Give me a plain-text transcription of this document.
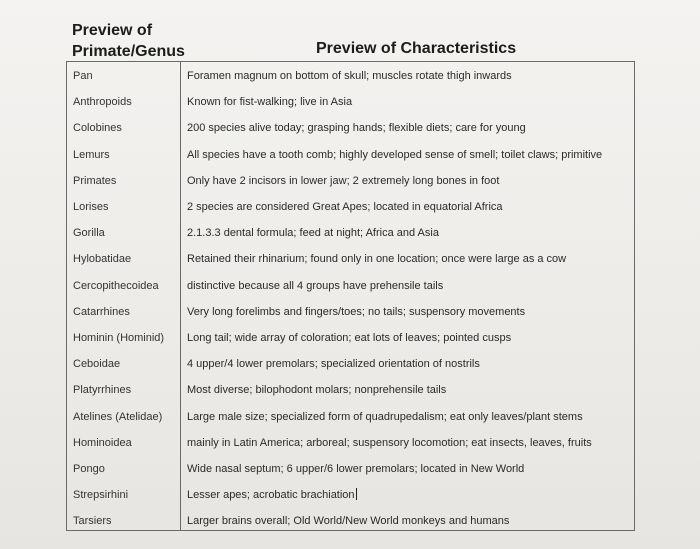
Preview of
Primate/Genus	Preview of Characteristics
Pan	Foramen magnum on bottom of skull; muscles rotate thigh inwards
Anthropoids	Known for fist-walking; live in Asia
Colobines	200 species alive today; grasping hands; flexible diets; care for young
Lemurs	All species have a tooth comb; highly developed sense of smell; toilet claws; primitive
Primates	Only have 2 incisors in lower jaw; 2 extremely long bones in foot
Lorises	2 species are considered Great Apes; located in equatorial Africa
Gorilla	2.1.3.3 dental formula; feed at night; Africa and Asia
Hylobatidae	Retained their rhinarium; found only in one location; once were large as a cow
Cercopithecoidea	distinctive because all 4 groups have prehensile tails
Catarrhines	Very long forelimbs and fingers/toes; no tails; suspensory movements
Hominin (Hominid)	Long tail; wide array of coloration; eat lots of leaves; pointed cusps
Ceboidae	4 upper/4 lower premolars; specialized orientation of nostrils
Platyrrhines	Most diverse; bilophodont molars; nonprehensile tails
Atelines (Atelidae)	Large male size; specialized form of quadrupedalism; eat only leaves/plant stems
Hominoidea	mainly in Latin America; arboreal; suspensory locomotion; eat insects, leaves, fruits
Pongo	Wide nasal septum; 6 upper/6 lower premolars; located in New World
Strepsirhini	Lesser apes; acrobatic brachiation
Tarsiers	Larger brains overall; Old World/New World monkeys and humans
